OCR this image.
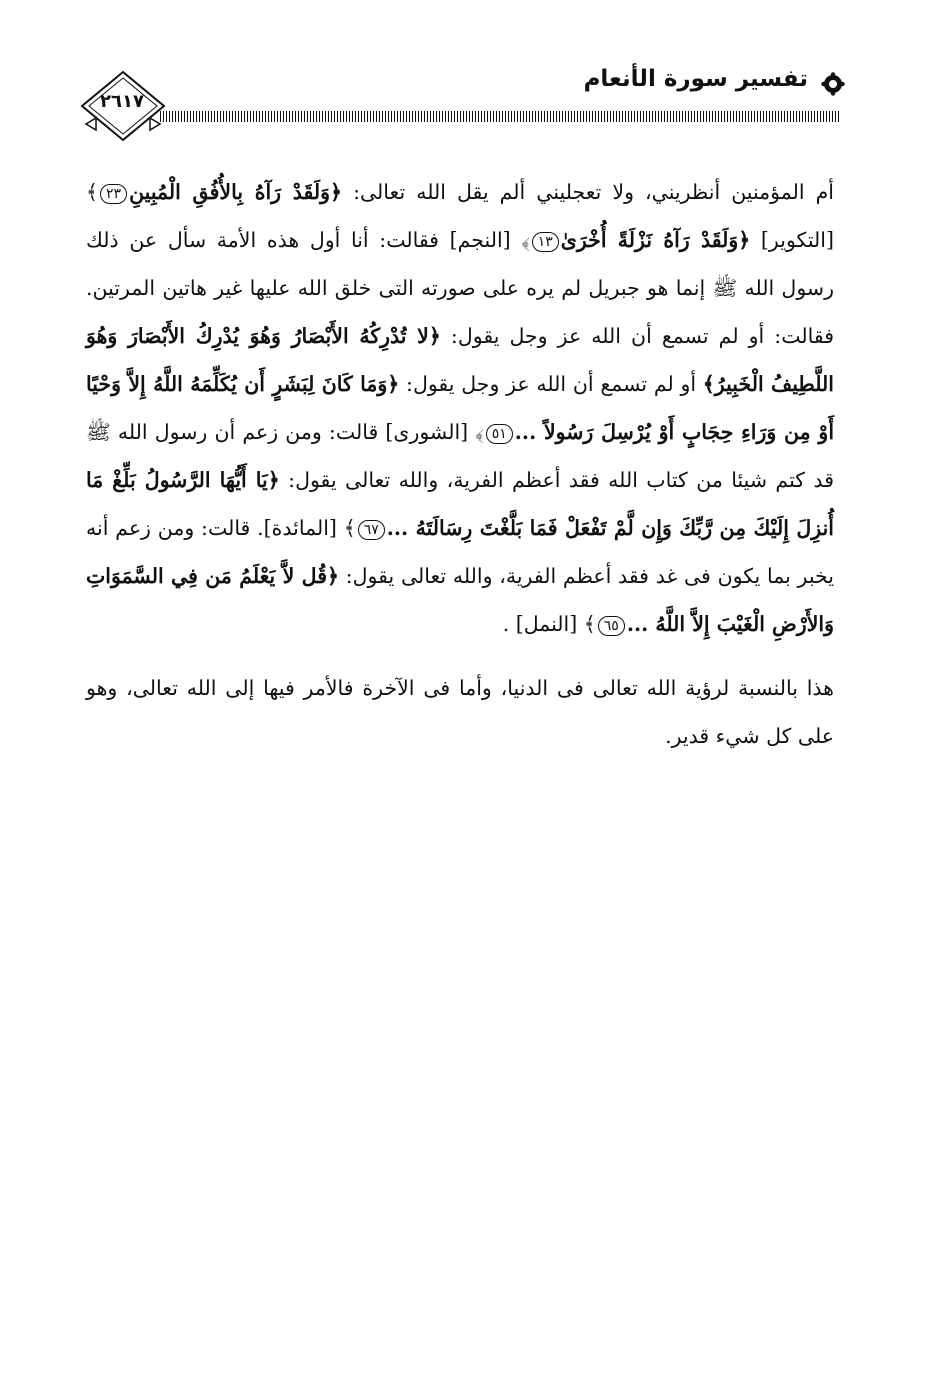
٢٦١٧
تفسير سورة الأنعام

أم المؤمنين أنظريني، ولا تعجليني ألم يقل الله تعالى: ﴿وَلَقَدْ رَآهُ بِالأُفُقِ الْمُبِينِ٢٣﴾ [التكوير] ﴿وَلَقَدْ رَآهُ نَزْلَةً أُخْرَىٰ١٣﴾ [النجم] فقالت: أنا أول هذه الأمة سأل عن ذلك رسول الله ﷺ إنما هو جبريل لم يره على صورته التى خلق الله عليها غير هاتين المرتين. فقالت: أو لم تسمع أن الله عز وجل يقول: ﴿لا تُدْرِكُهُ الأَبْصَارُ وَهُوَ يُدْرِكُ الأَبْصَارَ وَهُوَ اللَّطِيفُ الْخَبِيرُ﴾ أو لم تسمع أن الله عز وجل يقول: ﴿وَمَا كَانَ لِبَشَرٍ أَن يُكَلِّمَهُ اللَّهُ إِلاَّ وَحْيًا أَوْ مِن وَرَاءِ حِجَابٍ أَوْ يُرْسِلَ رَسُولاً ...٥١﴾ [الشورى] قالت: ومن زعم أن رسول الله ﷺ قد كتم شيئا من كتاب الله فقد أعظم الفرية، والله تعالى يقول: ﴿يَا أَيُّهَا الرَّسُولُ بَلِّغْ مَا أُنزِلَ إِلَيْكَ مِن رَّبِّكَ وَإِن لَّمْ تَفْعَلْ فَمَا بَلَّغْتَ رِسَالَتَهُ ...٦٧﴾ [المائدة]. قالت: ومن زعم أنه يخبر بما يكون فى غد فقد أعظم الفرية، والله تعالى يقول: ﴿قُل لاَّ يَعْلَمُ مَن فِي السَّمَوَاتِ وَالأَرْضِ الْغَيْبَ إِلاَّ اللَّهُ ...٦٥﴾ [النمل] .

هذا بالنسبة لرؤية الله تعالى فى الدنيا، وأما فى الآخرة فالأمر فيها إلى الله تعالى، وهو على كل شيء قدير.
